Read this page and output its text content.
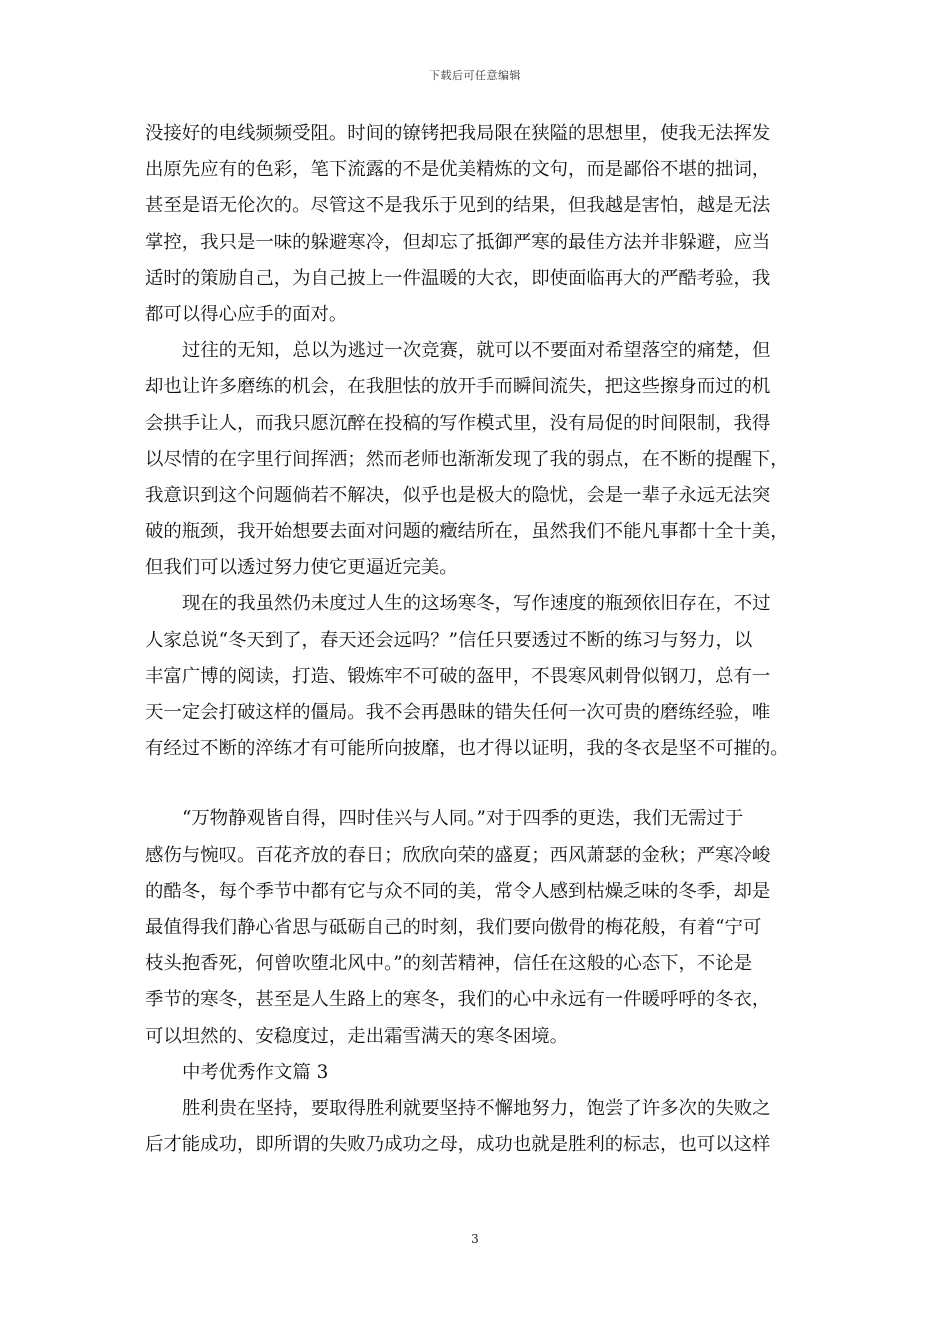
下载后可任意编辑
没接好的电线频频受阻。时间的镣铐把我局限在狭隘的思想里，使我无法挥发
出原先应有的色彩，笔下流露的不是优美精炼的文句，而是鄙俗不堪的拙词，
甚至是语无伦次的。尽管这不是我乐于见到的结果，但我越是害怕，越是无法
掌控，我只是一味的躲避寒冷，但却忘了抵御严寒的最佳方法并非躲避，应当
适时的策励自己，为自己披上一件温暖的大衣，即使面临再大的严酷考验，我
都可以得心应手的面对。
过往的无知，总以为逃过一次竞赛，就可以不要面对希望落空的痛楚，但
却也让许多磨练的机会，在我胆怯的放开手而瞬间流失，把这些擦身而过的机
会拱手让人，而我只愿沉醉在投稿的写作模式里，没有局促的时间限制，我得
以尽情的在字里行间挥洒；然而老师也渐渐发现了我的弱点，在不断的提醒下，
我意识到这个问题倘若不解决，似乎也是极大的隐忧，会是一辈子永远无法突
破的瓶颈，我开始想要去面对问题的癥结所在，虽然我们不能凡事都十全十美，
但我们可以透过努力使它更逼近完美。
现在的我虽然仍未度过人生的这场寒冬，写作速度的瓶颈依旧存在，不过
人家总说“冬天到了，春天还会远吗？”信任只要透过不断的练习与努力，以
丰富广博的阅读，打造、锻炼牢不可破的盔甲，不畏寒风刺骨似钢刀，总有一
天一定会打破这样的僵局。我不会再愚昧的错失任何一次可贵的磨练经验，唯
有经过不断的淬练才有可能所向披靡，也才得以证明，我的冬衣是坚不可摧的。
“万物静观皆自得，四时佳兴与人同。”对于四季的更迭，我们无需过于
感伤与惋叹。百花齐放的春日；欣欣向荣的盛夏；西风萧瑟的金秋；严寒冷峻
的酷冬，每个季节中都有它与众不同的美，常令人感到枯燥乏味的冬季，却是
最值得我们静心省思与砥砺自己的时刻，我们要向傲骨的梅花般，有着“宁可
枝头抱香死，何曾吹堕北风中。”的刻苦精神，信任在这般的心态下，不论是
季节的寒冬，甚至是人生路上的寒冬，我们的心中永远有一件暖呼呼的冬衣，
可以坦然的、安稳度过，走出霜雪满天的寒冬困境。
中考优秀作文篇 3
胜利贵在坚持，要取得胜利就要坚持不懈地努力，饱尝了许多次的失败之
后才能成功，即所谓的失败乃成功之母，成功也就是胜利的标志，也可以这样
3
